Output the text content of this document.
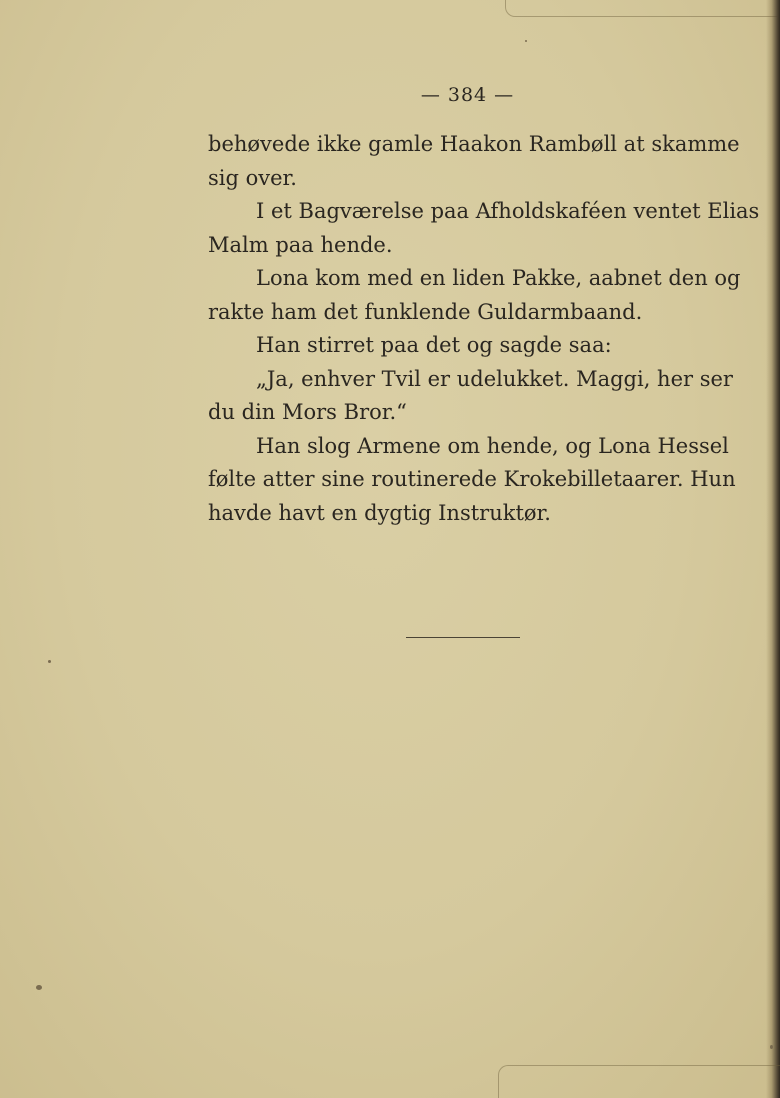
— 384 —
behøvede ikke gamle Haakon Rambøll at skamme
sig over.
I et Bagværelse paa Afholdskaféen ventet Elias
Malm paa hende.
Lona kom med en liden Pakke, aabnet den og
rakte ham det funklende Guldarmbaand.
Han stirret paa det og sagde saa:
„Ja, enhver Tvil er udelukket. Maggi, her ser
du din Mors Bror.“
Han slog Armene om hende, og Lona Hessel
følte atter sine routinerede Krokebilletaarer. Hun
havde havt en dygtig Instruktør.
